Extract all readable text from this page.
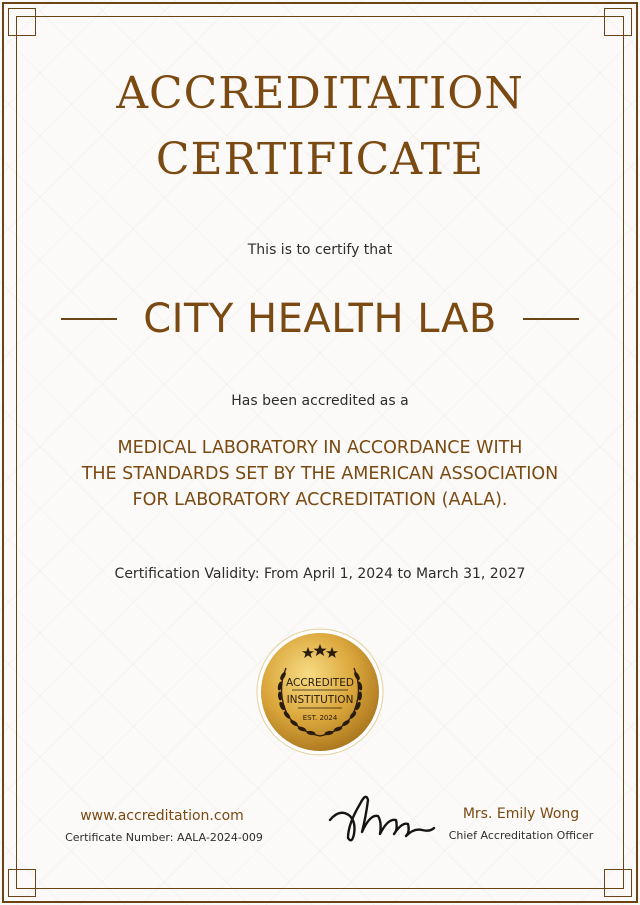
ACCREDITATION
CERTIFICATE
This is to certify that
CITY HEALTH LAB
Has been accredited as a
MEDICAL LABORATORY IN ACCORDANCE WITH
THE STANDARDS SET BY THE AMERICAN ASSOCIATION
FOR LABORATORY ACCREDITATION (AALA).
Certification Validity: From April 1, 2024 to March 31, 2027
ACCREDITED
INSTITUTION
EST. 2024
www.accreditation.com
Certificate Number: AALA-2024-009
Mrs. Emily Wong
Chief Accreditation Officer
